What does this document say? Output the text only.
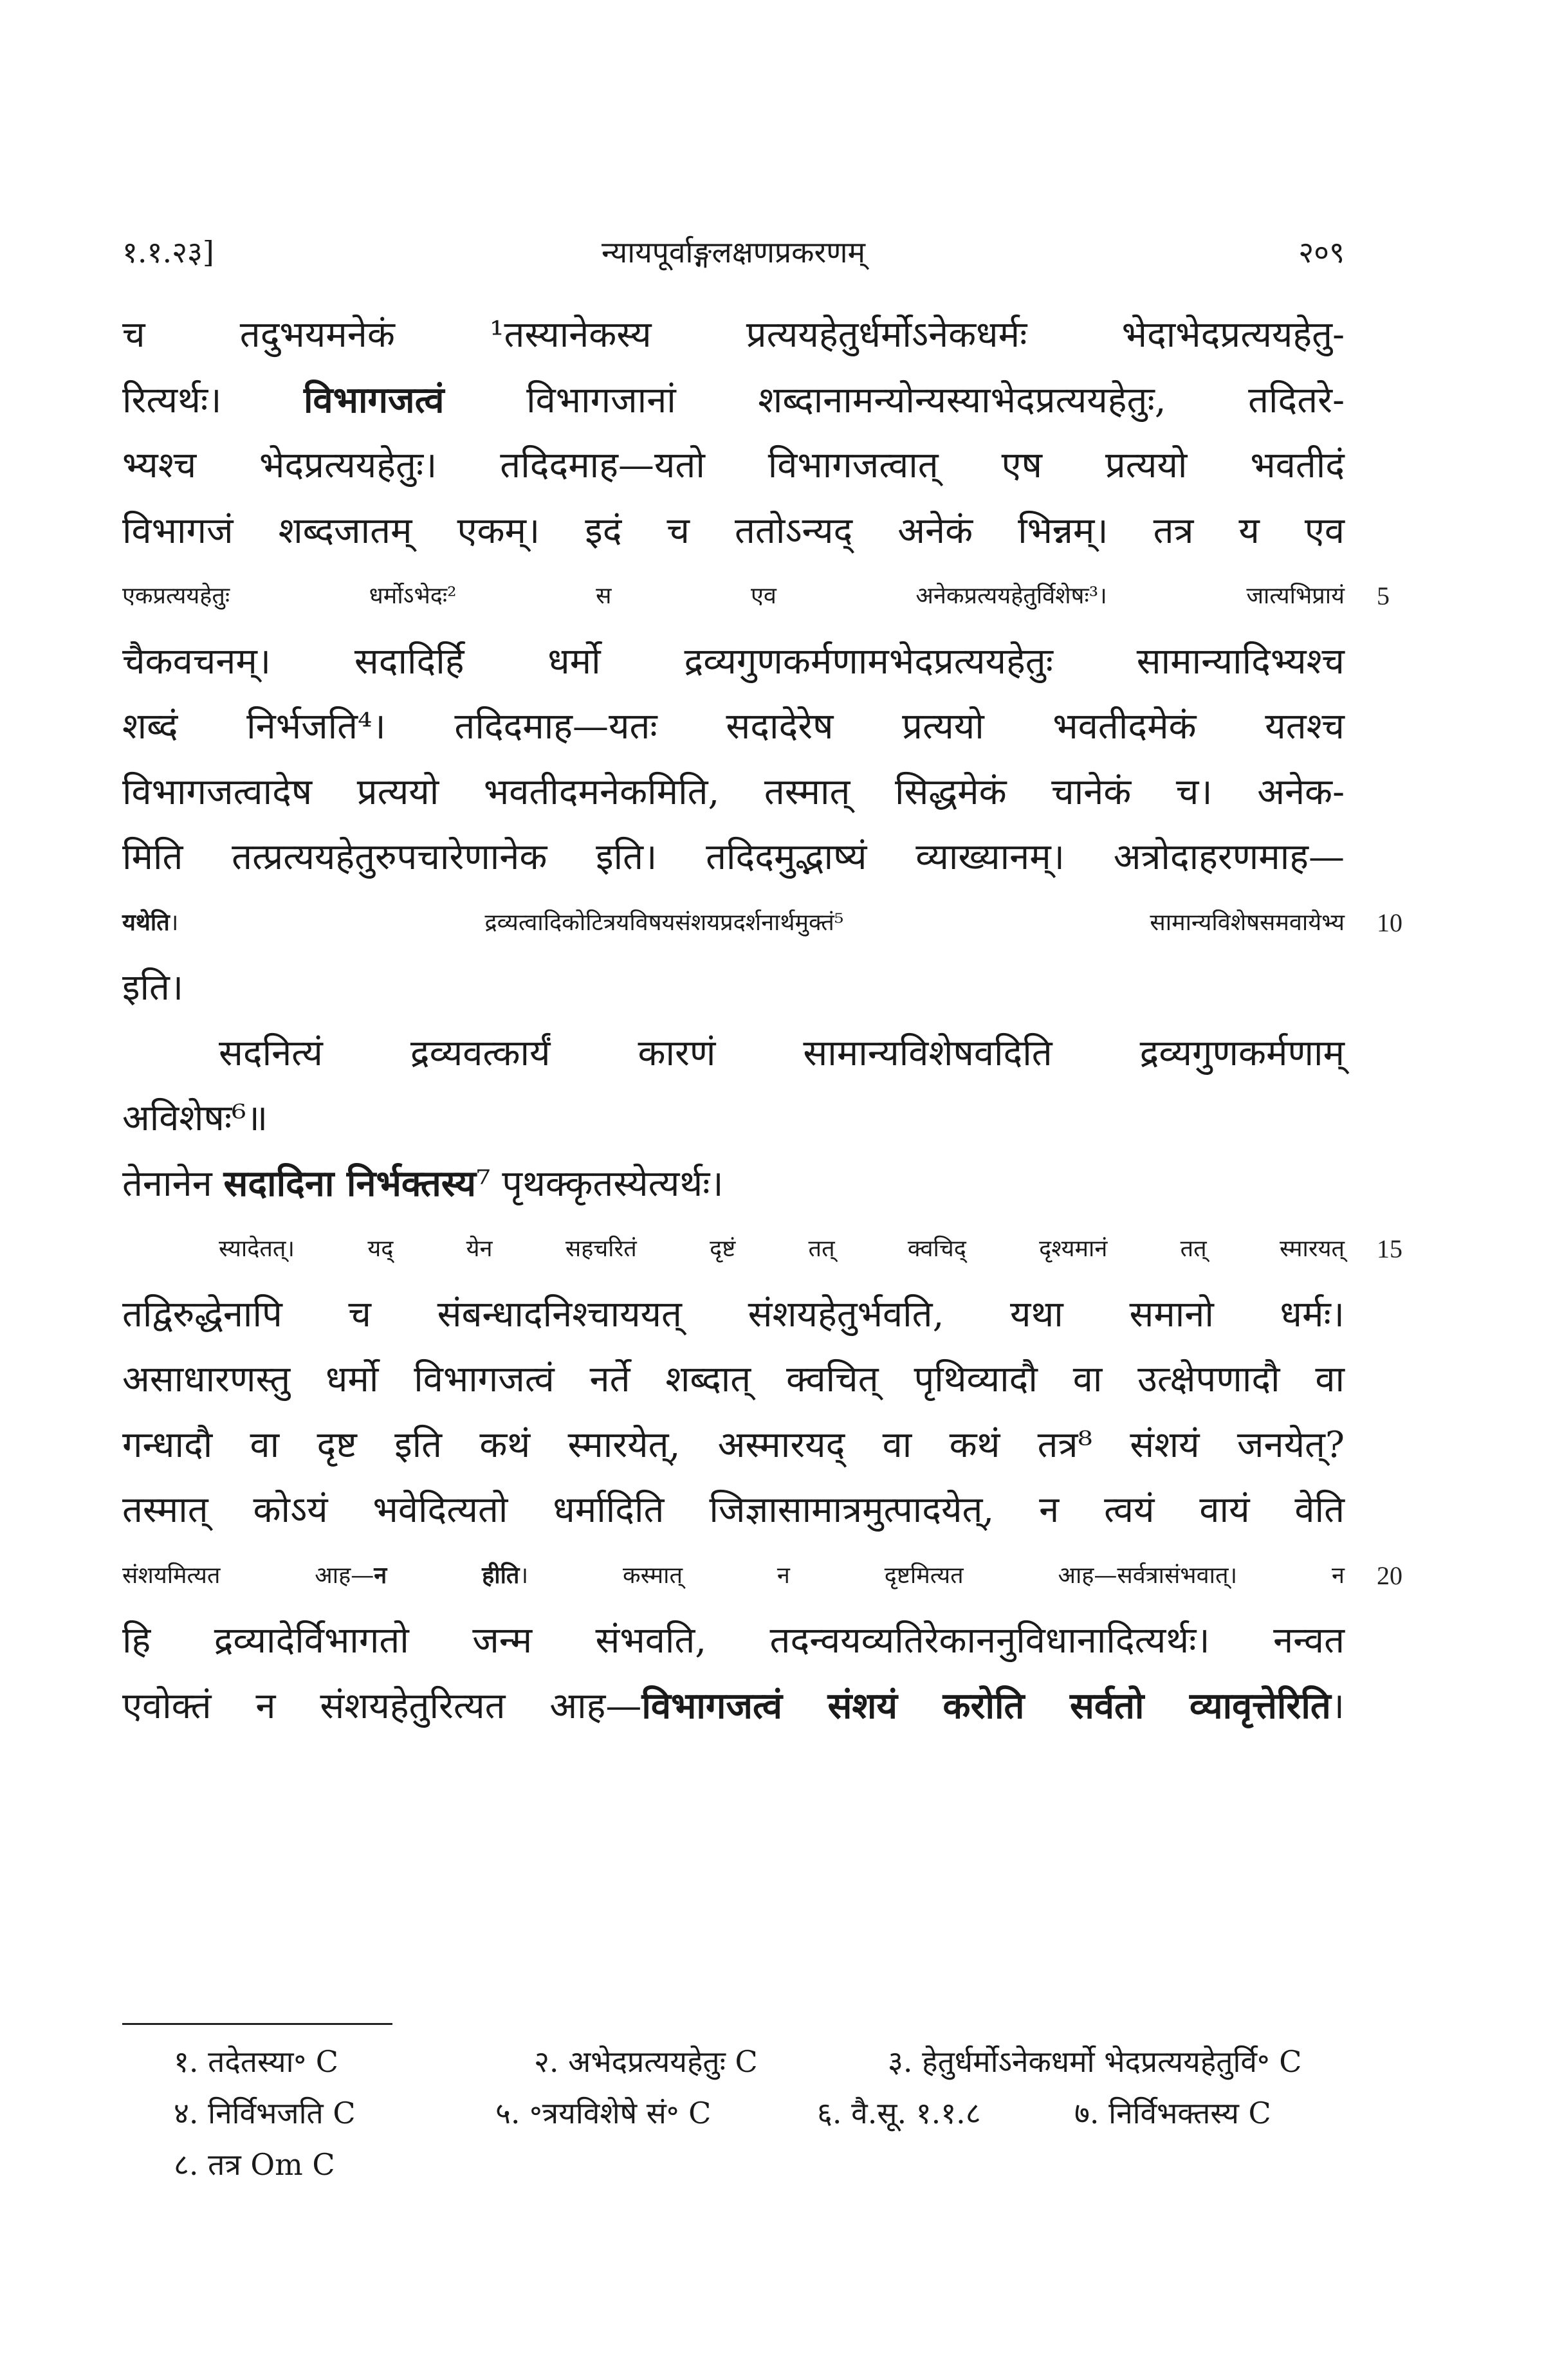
१.१.२३]	न्यायपूर्वाङ्गलक्षणप्रकरणम्	२०९
च तदुभयमनेकं ¹तस्यानेकस्य प्रत्ययहेतुर्धर्मोऽनेकधर्मः भेदाभेदप्रत्ययहेतु-
रित्यर्थः। विभागजत्वं विभागजानां शब्दानामन्योन्यस्याभेदप्रत्ययहेतुः, तदितरे-
भ्यश्च भेदप्रत्ययहेतुः। तदिदमाह—यतो विभागजत्वात् एष प्रत्ययो भवतीदं
विभागजं शब्दजातम् एकम्। इदं च ततोऽन्यद् अनेकं भिन्नम्। तत्र य एव
एकप्रत्ययहेतुः धर्मोऽभेदः² स एव अनेकप्रत्ययहेतुर्विशेषः³। जात्यभिप्रायं 5
चैकवचनम्। सदादिर्हि धर्मो द्रव्यगुणकर्मणामभेदप्रत्ययहेतुः सामान्यादिभ्यश्च
शब्दं निर्भजति⁴। तदिदमाह—यतः सदादेरेष प्रत्ययो भवतीदमेकं यतश्च
विभागजत्वादेष प्रत्ययो भवतीदमनेकमिति, तस्मात् सिद्धमेकं चानेकं च। अनेक-
मिति तत्प्रत्ययहेतुरुपचारेणानेक इति। तदिदमुद्भाष्यं व्याख्यानम्। अत्रोदाहरणमाह—
यथेति। द्रव्यत्वादिकोटित्रयविषयसंशयप्रदर्शनार्थमुक्तं⁵ सामान्यविशेषसमवायेभ्य 10
इति।
सदनित्यं द्रव्यवत्कार्यं कारणं सामान्यविशेषवदिति द्रव्यगुणकर्मणाम्
अविशेषः⁶॥
तेनानेन सदादिना निर्भक्तस्य⁷ पृथक्कृतस्येत्यर्थः।
स्यादेतत्। यद् येन सहचरितं दृष्टं तत् क्वचिद् दृश्यमानं तत् स्मारयत् 15
तद्विरुद्धेनापि च संबन्धादनिश्चाययत् संशयहेतुर्भवति, यथा समानो धर्मः।
असाधारणस्तु धर्मो विभागजत्वं नर्ते शब्दात् क्वचित् पृथिव्यादौ वा उत्क्षेपणादौ वा
गन्धादौ वा दृष्ट इति कथं स्मारयेत्, अस्मारयद् वा कथं तत्र⁸ संशयं जनयेत्?
तस्मात् कोऽयं भवेदित्यतो धर्मादिति जिज्ञासामात्रमुत्पादयेत्, न त्वयं वायं वेति
संशयमित्यत आह—न हीति। कस्मात् न दृष्टमित्यत आह—सर्वत्रासंभवात्। न 20
हि द्रव्यादेर्विभागतो जन्म संभवति, तदन्वयव्यतिरेकाननुविधानादित्यर्थः। नन्वत
एवोक्तं न संशयहेतुरित्यत आह—विभागजत्वं संशयं करोति सर्वतो व्यावृत्तेरिति।
१. तदेतस्या॰ C	२. अभेदप्रत्ययहेतुः C	३. हेतुर्धर्मोऽनेकधर्मो भेदप्रत्ययहेतुर्वि॰ C
४. निर्विभजति C	५. ॰त्रयविशेषे सं॰ C	६. वै.सू. १.१.८	७. निर्विभक्तस्य C
८. तत्र Om C
